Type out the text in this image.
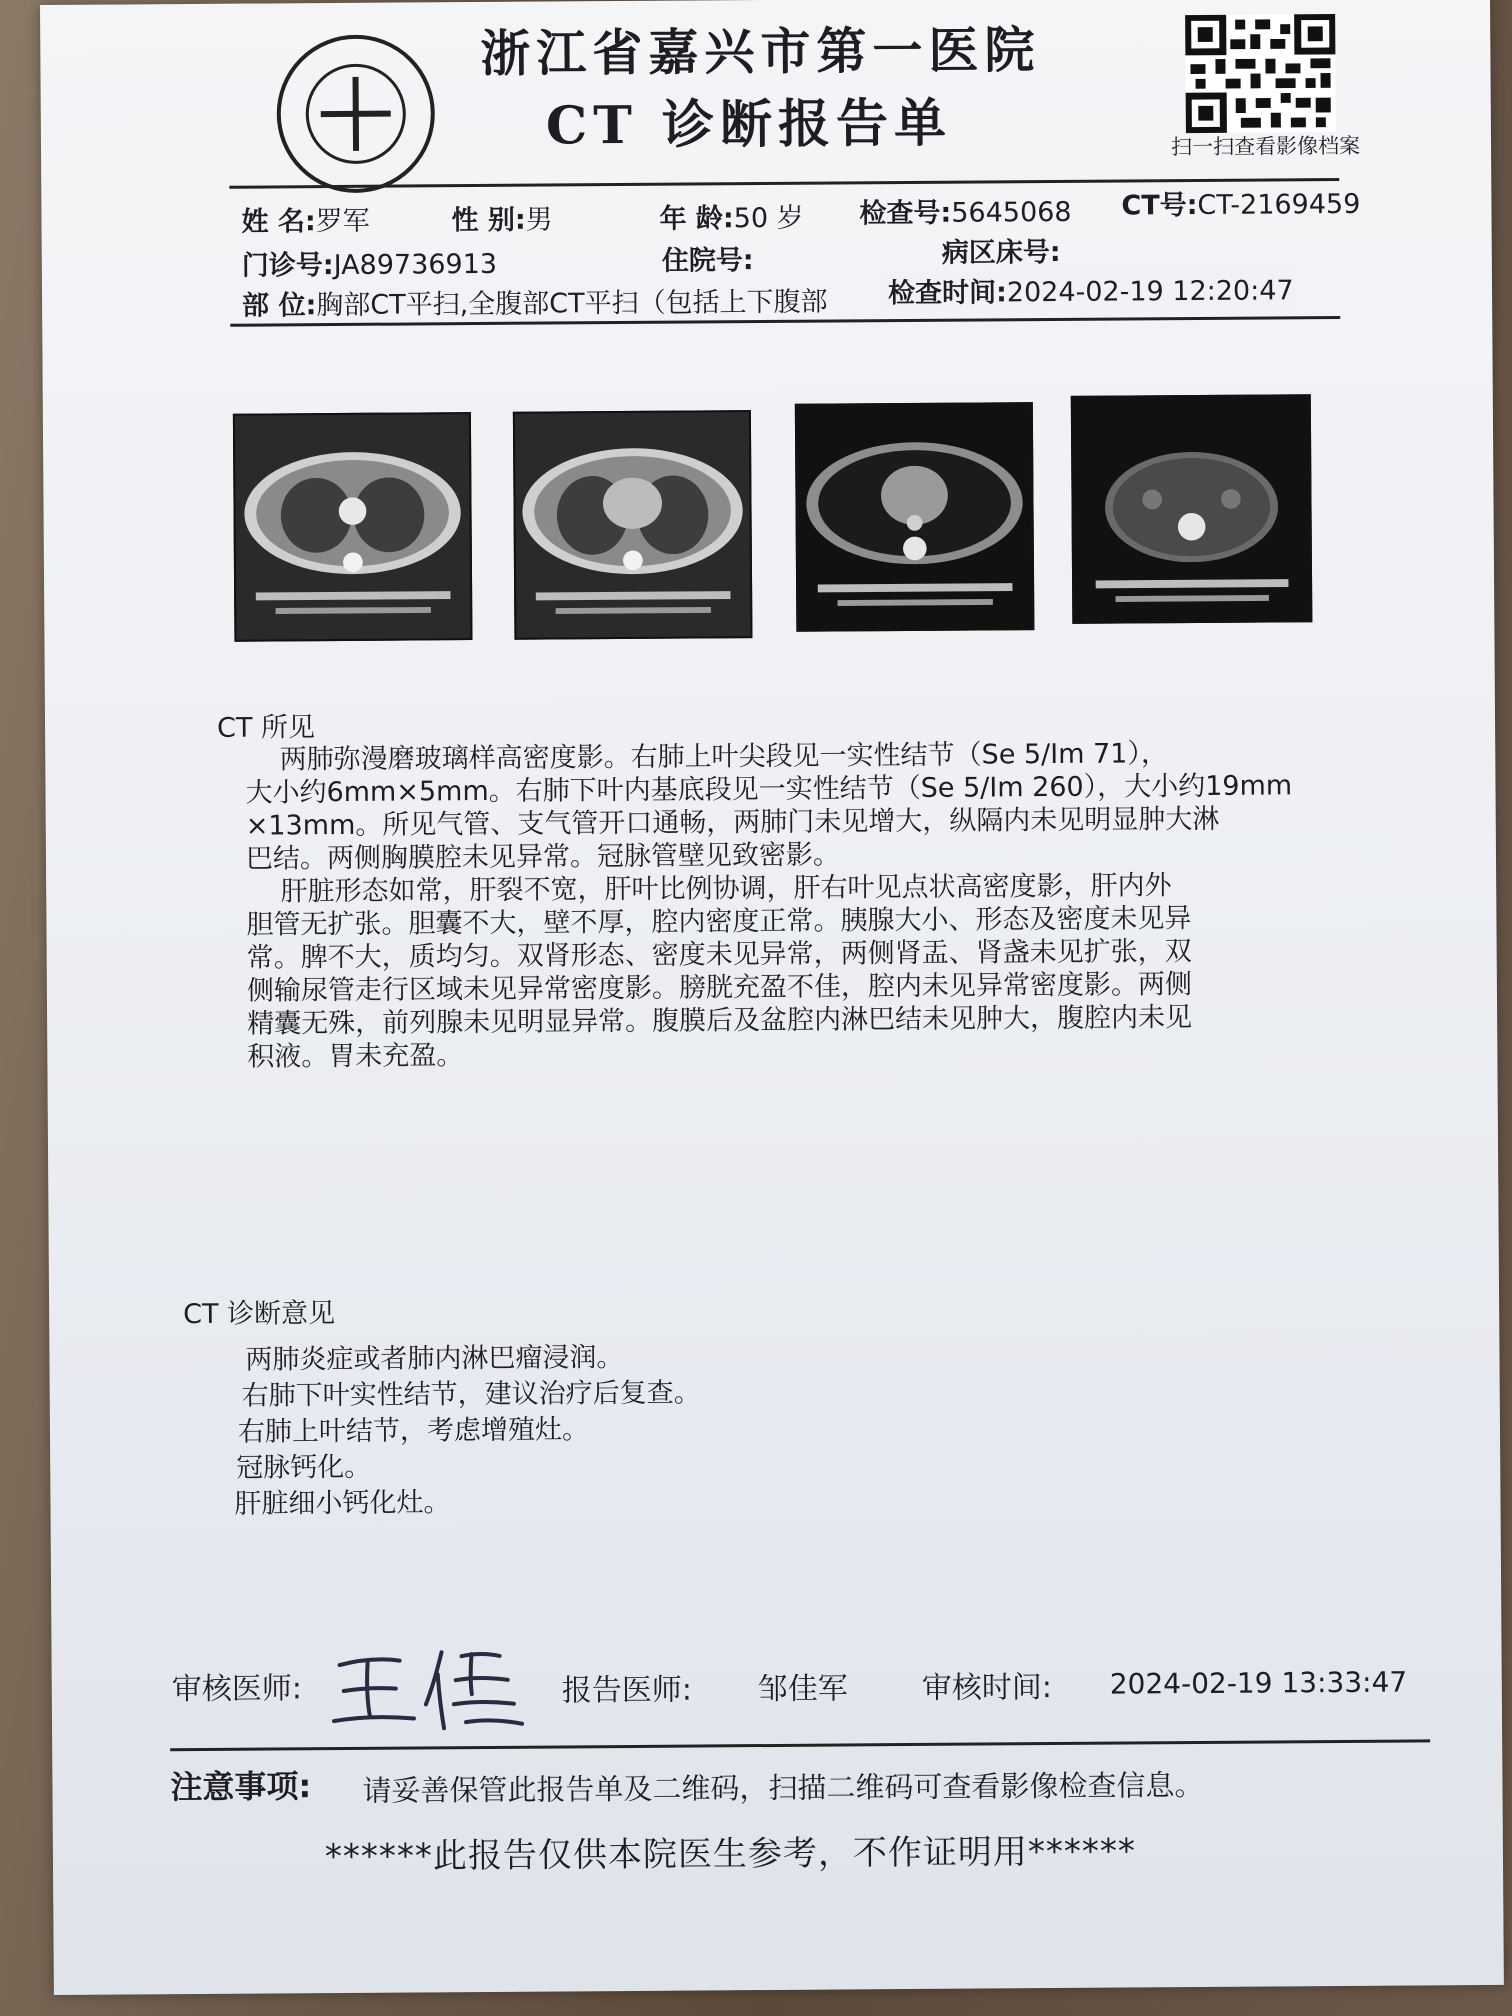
浙江省嘉兴市第一医院
CT 诊断报告单	扫一扫查看影像档案
姓 名:罗军	性 别:男	年 龄:50 岁 检查号:5645068 CT号:CT-2169459
门诊号:JA89736913	住院号:	病区床号:
部 位:胸部CT平扫,全腹部CT平扫（包括上下腹部 检查时间:2024-02-19 12:20:47
CT 所见
两肺弥漫磨玻璃样高密度影。右肺上叶尖段见一实性结节（Se 5/Im 71），
大小约6mm×5mm。右肺下叶内基底段见一实性结节（Se 5/Im 260），大小约19mm
×13mm。所见气管、支气管开口通畅，两肺门未见增大，纵隔内未见明显肿大淋
巴结。两侧胸膜腔未见异常。冠脉管壁见致密影。
肝脏形态如常，肝裂不宽，肝叶比例协调，肝右叶见点状高密度影，肝内外
胆管无扩张。胆囊不大，壁不厚，腔内密度正常。胰腺大小、形态及密度未见异
常。脾不大，质均匀。双肾形态、密度未见异常，两侧肾盂、肾盏未见扩张，双
侧输尿管走行区域未见异常密度影。膀胱充盈不佳，腔内未见异常密度影。两侧
精囊无殊，前列腺未见明显异常。腹膜后及盆腔内淋巴结未见肿大，腹腔内未见
积液。胃未充盈。
CT 诊断意见
两肺炎症或者肺内淋巴瘤浸润。
右肺下叶实性结节，建议治疗后复查。
右肺上叶结节，考虑增殖灶。
冠脉钙化。
肝脏细小钙化灶。
审核医师:	报告医师: 邹佳军 审核时间: 2024-02-19 13:33:47
注意事项: 请妥善保管此报告单及二维码，扫描二维码可查看影像检查信息。
******此报告仅供本院医生参考，不作证明用******
